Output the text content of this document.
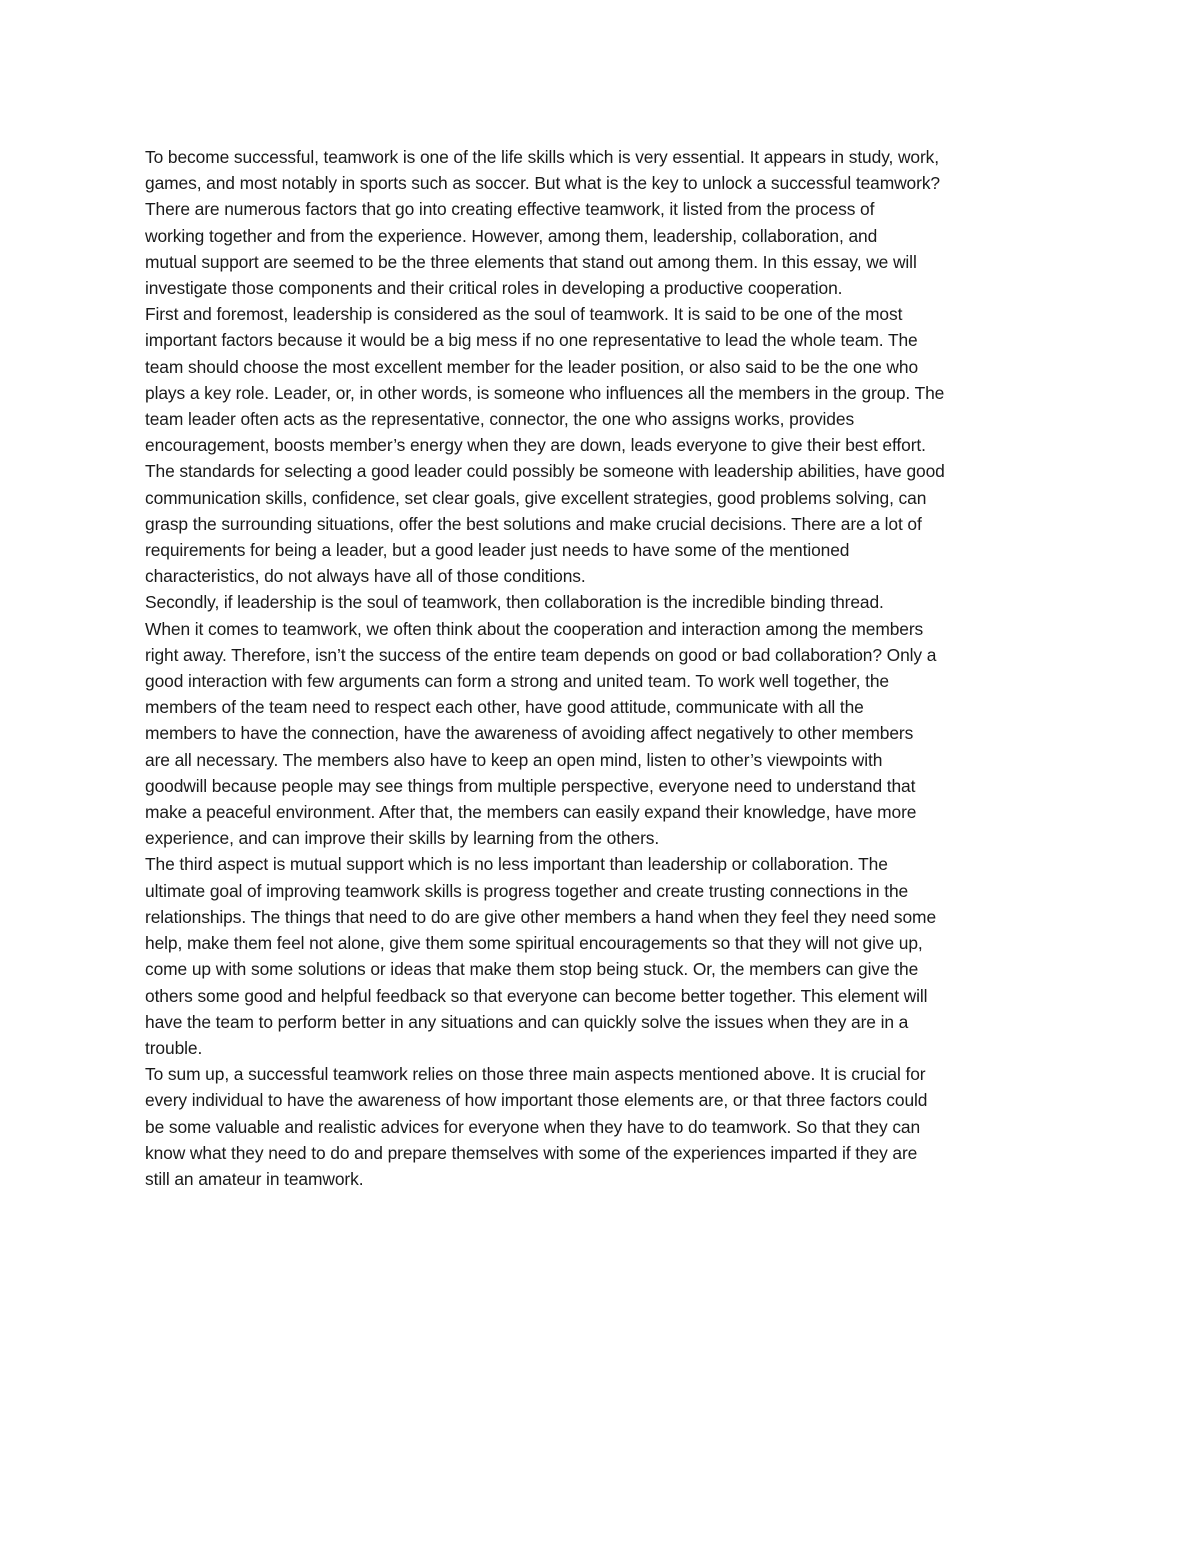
To become successful, teamwork is one of the life skills which is very essential. It appears in study, work,
games, and most notably in sports such as soccer. But what is the key to unlock a successful teamwork?
There are numerous factors that go into creating effective teamwork, it listed from the process of
working together and from the experience. However, among them, leadership, collaboration, and
mutual support are seemed to be the three elements that stand out among them. In this essay, we will
investigate those components and their critical roles in developing a productive cooperation.

First and foremost, leadership is considered as the soul of teamwork. It is said to be one of the most
important factors because it would be a big mess if no one representative to lead the whole team. The
team should choose the most excellent member for the leader position, or also said to be the one who
plays a key role. Leader, or, in other words, is someone who influences all the members in the group. The
team leader often acts as the representative, connector, the one who assigns works, provides
encouragement, boosts member’s energy when they are down, leads everyone to give their best effort.
The standards for selecting a good leader could possibly be someone with leadership abilities, have good
communication skills, confidence, set clear goals, give excellent strategies, good problems solving, can
grasp the surrounding situations, offer the best solutions and make crucial decisions. There are a lot of
requirements for being a leader, but a good leader just needs to have some of the mentioned
characteristics, do not always have all of those conditions.

Secondly, if leadership is the soul of teamwork, then collaboration is the incredible binding thread.
When it comes to teamwork, we often think about the cooperation and interaction among the members
right away. Therefore, isn’t the success of the entire team depends on good or bad collaboration? Only a
good interaction with few arguments can form a strong and united team. To work well together, the
members of the team need to respect each other, have good attitude, communicate with all the
members to have the connection, have the awareness of avoiding affect negatively to other members
are all necessary. The members also have to keep an open mind, listen to other’s viewpoints with
goodwill because people may see things from multiple perspective, everyone need to understand that
make a peaceful environment. After that, the members can easily expand their knowledge, have more
experience, and can improve their skills by learning from the others.

The third aspect is mutual support which is no less important than leadership or collaboration. The
ultimate goal of improving teamwork skills is progress together and create trusting connections in the
relationships. The things that need to do are give other members a hand when they feel they need some
help, make them feel not alone, give them some spiritual encouragements so that they will not give up,
come up with some solutions or ideas that make them stop being stuck. Or, the members can give the
others some good and helpful feedback so that everyone can become better together. This element will
have the team to perform better in any situations and can quickly solve the issues when they are in a
trouble.

To sum up, a successful teamwork relies on those three main aspects mentioned above. It is crucial for
every individual to have the awareness of how important those elements are, or that three factors could
be some valuable and realistic advices for everyone when they have to do teamwork. So that they can
know what they need to do and prepare themselves with some of the experiences imparted if they are
still an amateur in teamwork.
